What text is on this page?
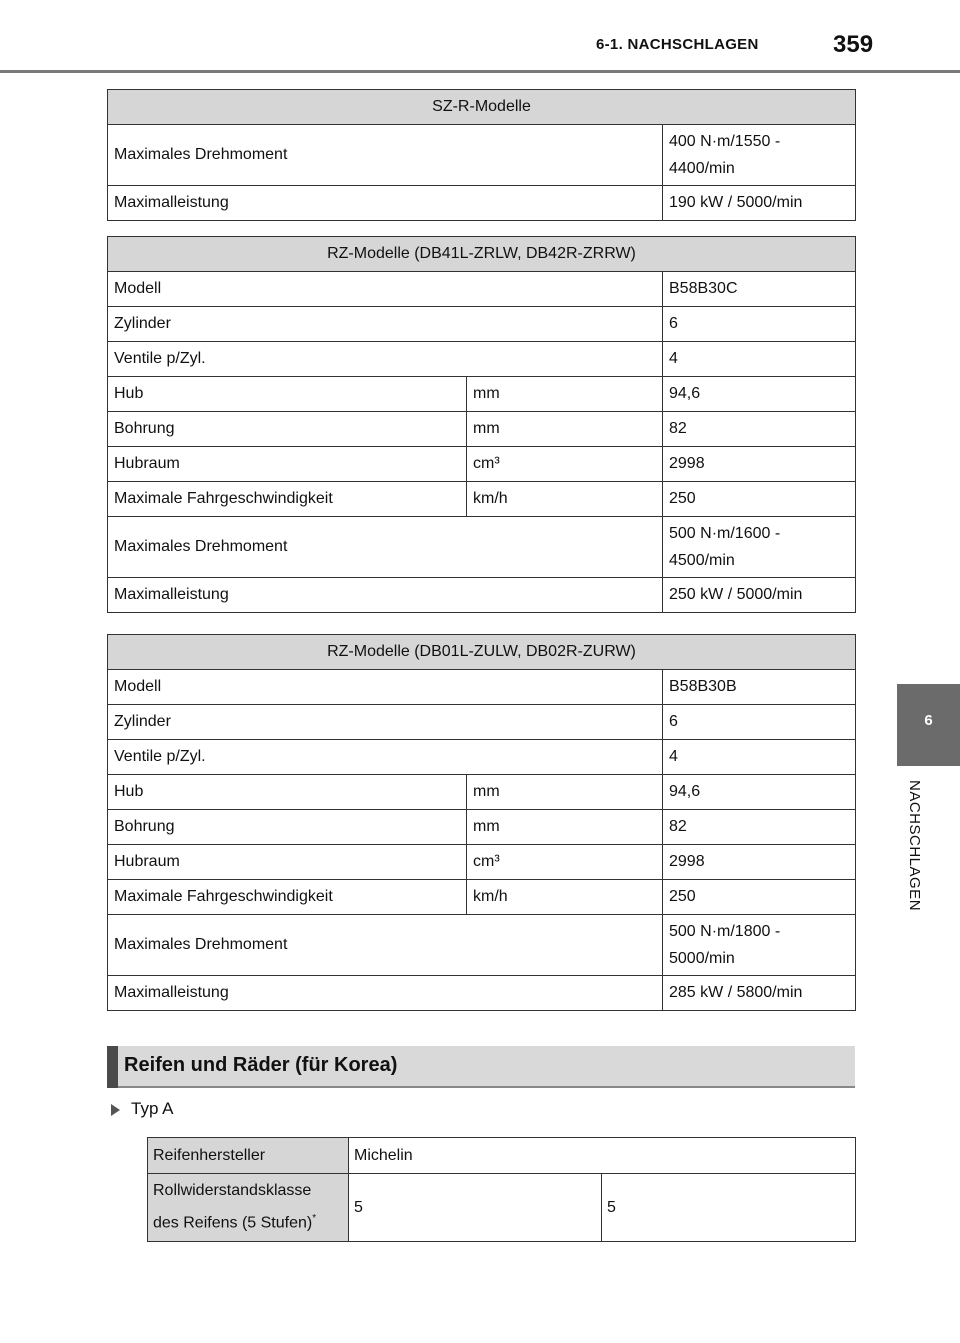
6-1. NACHSCHLAGEN	359
6
NACHSCHLAGEN
SZ-R-Modelle	
Maximales Drehmoment	400 N·m/1550 -
4400/min
Maximalleistung	190 kW / 5000/min
RZ-Modelle (DB41L-ZRLW, DB42R-ZRRW)		
Modell		B58B30C
Zylinder		6
Ventile p/Zyl.		4
Hub	mm	94,6
Bohrung	mm	82
Hubraum	cm³	2998
Maximale Fahrgeschwindigkeit	km/h	250
Maximales Drehmoment		500 N·m/1600 -
4500/min
Maximalleistung		250 kW / 5000/min
RZ-Modelle (DB01L-ZULW, DB02R-ZURW)		
Modell		B58B30B
Zylinder		6
Ventile p/Zyl.		4
Hub	mm	94,6
Bohrung	mm	82
Hubraum	cm³	2998
Maximale Fahrgeschwindigkeit	km/h	250
Maximales Drehmoment		500 N·m/1800 -
5000/min
Maximalleistung		285 kW / 5800/min
Reifen und Räder (für Korea)
Typ A
Reifenhersteller	Michelin	
Rollwiderstandsklasse
des Reifens (5 Stufen)*	5	5
